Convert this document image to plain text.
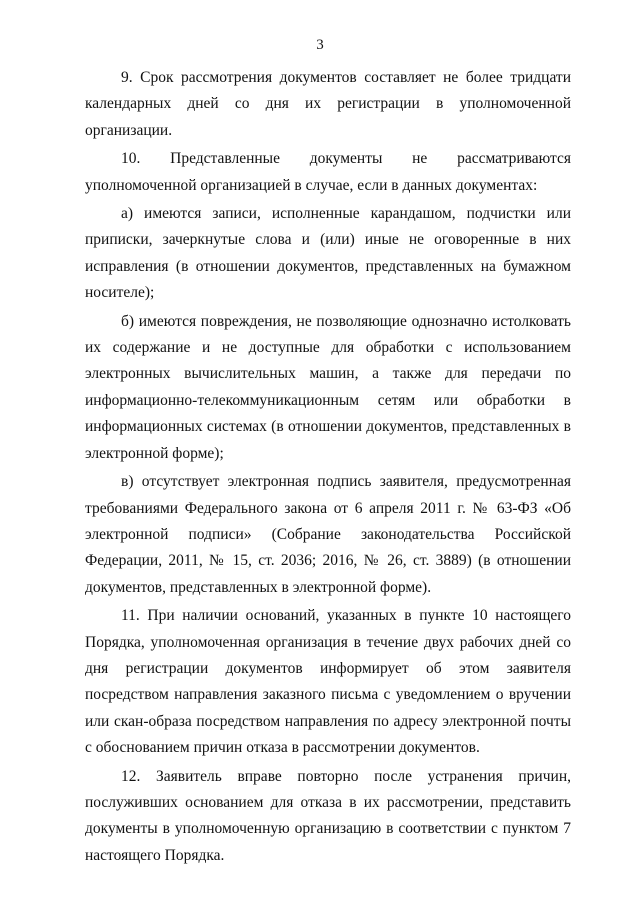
3

9. Срок рассмотрения документов составляет не более тридцати календарных дней со дня их регистрации в уполномоченной организации.

10. Представленные документы не рассматриваются уполномоченной организацией в случае, если в данных документах:

а) имеются записи, исполненные карандашом, подчистки или приписки, зачеркнутые слова и (или) иные не оговоренные в них исправления (в отношении документов, представленных на бумажном носителе);

б) имеются повреждения, не позволяющие однозначно истолковать их содержание и не доступные для обработки с использованием электронных вычислительных машин, а также для передачи по информационно-телекоммуникационным сетям или обработки в информационных системах (в отношении документов, представленных в электронной форме);

в) отсутствует электронная подпись заявителя, предусмотренная требованиями Федерального закона от 6 апреля 2011 г. № 63-ФЗ «Об электронной подписи» (Собрание законодательства Российской Федерации, 2011, № 15, ст. 2036; 2016, № 26, ст. 3889) (в отношении документов, представленных в электронной форме).

11. При наличии оснований, указанных в пункте 10 настоящего Порядка, уполномоченная организация в течение двух рабочих дней со дня регистрации документов информирует об этом заявителя посредством направления заказного письма с уведомлением о вручении или скан-образа посредством направления по адресу электронной почты с обоснованием причин отказа в рассмотрении документов.

12. Заявитель вправе повторно после устранения причин, послуживших основанием для отказа в их рассмотрении, представить документы в уполномоченную организацию в соответствии с пунктом 7 настоящего Порядка.
